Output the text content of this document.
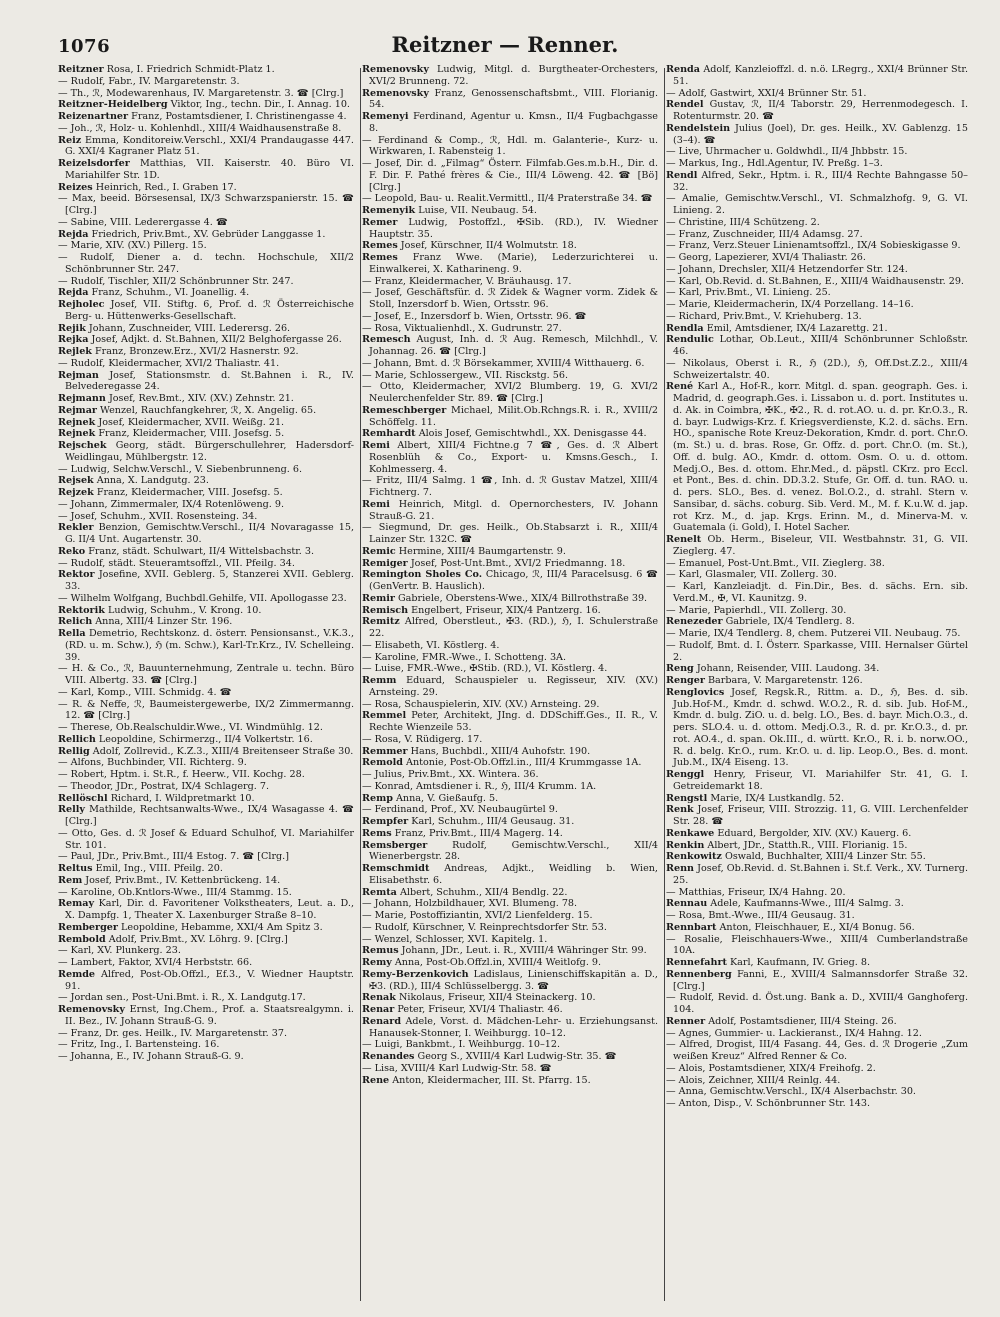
1076	Reitzner — Renner.

Reitzner Rosa, I. Friedrich Schmidt-Platz 1.

— Rudolf, Fabr., IV. Margaretenstr. 3.

— Th., ℛ, Modewarenhaus, IV. Margaretenstr. 3. ☎ [Clrg.]

Reitzner-Heidelberg Viktor, Ing., techn. Dir., I. Annag. 10.

Reizenartner Franz, Postamtsdiener, I. Christinengasse 4.

— Joh., ℛ, Holz- u. Kohlenhdl., XIII/4 Waidhausenstraße 8.

Reiz Emma, Konditoreiw.Verschl., XXI/4 Prandaugasse 447. G. XXI/4 Kagraner Platz 51.

Reizelsdorfer Matthias, VII. Kaiserstr. 40. Büro VI. Mariahilfer Str. 1D.

Reizes Heinrich, Red., I. Graben 17.

— Max, beeid. Börsesensal, IX/3 Schwarzspanierstr. 15. ☎ [Clrg.]

— Sabine, VIII. Lederergasse 4. ☎

Rejda Friedrich, Priv.Bmt., XV. Gebrüder Langgasse 1.

— Marie, XIV. (XV.) Pillerg. 15.

— Rudolf, Diener a. d. techn. Hochschule, XII/2 Schönbrunner Str. 247.

— Rudolf, Tischler, XII/2 Schönbrunner Str. 247.

Rejda Franz, Schuhm., VI. Joanellig. 4.

Rejholec Josef, VII. Stiftg. 6, Prof. d. ℛ Österreichische Berg- u. Hüttenwerks-Gesellschaft.

Rejik Johann, Zuschneider, VIII. Lederersg. 26.

Rejka Josef, Adjkt. d. St.Bahnen, XII/2 Belghofergasse 26.

Rejlek Franz, Bronzew.Erz., XVI/2 Hasnerstr. 92.

— Rudolf, Kleidermacher, XVI/2 Thaliastr. 41.

Rejman Josef, Stationsmstr. d. St.Bahnen i. R., IV. Belvederegasse 24.

Rejmann Josef, Rev.Bmt., XIV. (XV.) Zehnstr. 21.

Rejmar Wenzel, Rauchfangkehrer, ℛ, X. Angelig. 65.

Rejnek Josef, Kleidermacher, XVII. Weißg. 21.

Rejnek Franz, Kleidermacher, VIII. Josefsg. 5.

Rejschek Georg, städt. Bürgerschullehrer, Hadersdorf-Weidlingau, Mühlbergstr. 12.

— Ludwig, Selchw.Verschl., V. Siebenbrunneng. 6.

Rejsek Anna, X. Landgutg. 23.

Rejzek Franz, Kleidermacher, VIII. Josefsg. 5.

— Johann, Zimmermaler, IX/4 Rotenlöweng. 9.

— Josef, Schuhm., XVII. Rosensteing. 34.

Rekler Benzion, Gemischtw.Verschl., II/4 Novaragasse 15, G. II/4 Unt. Augartenstr. 30.

Reko Franz, städt. Schulwart, II/4 Wittelsbachstr. 3.

— Rudolf, städt. Steueramtsoffzl., VII. Pfeilg. 34.

Rektor Josefine, XVII. Geblerg. 5, Stanzerei XVII. Geblerg. 33.

— Wilhelm Wolfgang, Buchbdl.Gehilfe, VII. Apollogasse 23.

Rektorik Ludwig, Schuhm., V. Krong. 10.

Relich Anna, XIII/4 Linzer Str. 196.

Rella Demetrio, Rechtskonz. d. österr. Pensionsanst., V.K.3., (RD. u. m. Schw.), ℌ (m. Schw.), Karl-Tr.Krz., IV. Schelleing. 39.

— H. & Co., ℛ, Bauunternehmung, Zentrale u. techn. Büro VIII. Albertg. 33. ☎ [Clrg.]

— Karl, Komp., VIII. Schmidg. 4. ☎

— R. & Neffe, ℛ, Baumeistergewerbe, IX/2 Zimmermanng. 12. ☎ [Clrg.]

— Therese, Ob.Realschuldir.Wwe., VI. Windmühlg. 12.

Rellich Leopoldine, Schirmerzg., II/4 Volkertstr. 16.

Rellig Adolf, Zollrevid., K.Z.3., XIII/4 Breitenseer Straße 30.

— Alfons, Buchbinder, VII. Richterg. 9.

— Robert, Hptm. i. St.R., f. Heerw., VII. Kochg. 28.

— Theodor, JDr., Postrat, IX/4 Schlagerg. 7.

Rellöschl Richard, I. Wildpretmarkt 10.

Relly Mathilde, Rechtsanwalts-Wwe., IX/4 Wasagasse 4. ☎ [Clrg.]

— Otto, Ges. d. ℛ Josef & Eduard Schulhof, VI. Mariahilfer Str. 101.

— Paul, JDr., Priv.Bmt., III/4 Estog. 7. ☎ [Clrg.]

Reltus Emil, Ing., VIII. Pfeilg. 20.

Rem Josef, Priv.Bmt., IV. Kettenbrückeng. 14.

— Karoline, Ob.Kntlors-Wwe., III/4 Stammg. 15.

Remay Karl, Dir. d. Favoritener Volkstheaters, Leut. a. D., X. Dampfg. 1, Theater X. Laxenburger Straße 8–10.

Remberger Leopoldine, Hebamme, XXI/4 Am Spitz 3.

Rembold Adolf, Priv.Bmt., XV. Löhrg. 9. [Clrg.]

— Karl, XV. Plunkerg. 23.

— Lambert, Faktor, XVI/4 Herbststr. 66.

Remde Alfred, Post-Ob.Offzl., Ef.3., V. Wiedner Hauptstr. 91.

— Jordan sen., Post-Uni.Bmt. i. R., X. Landgutg.17.

Remenovsky Ernst, Ing.Chem., Prof. a. Staatsrealgymn. i. II. Bez., IV. Johann Strauß-G. 9.

— Franz, Dr. ges. Heilk., IV. Margaretenstr. 37.

— Fritz, Ing., I. Bartensteing. 16.

— Johanna, E., IV. Johann Strauß-G. 9.

Remenovsky Ludwig, Mitgl. d. Burgtheater-Orchesters, XVI/2 Brunneng. 72.

Remenovsky Franz, Genossenschaftsbmt., VIII. Florianig. 54.

Remenyi Ferdinand, Agentur u. Kmsn., II/4 Fugbachgasse 8.

— Ferdinand & Comp., ℛ, Hdl. m. Galanterie-, Kurz- u. Wirkwaren, I. Rabensteig 1.

— Josef, Dir. d. „Filmag“ Österr. Filmfab.Ges.m.b.H., Dir. d. F. Dir. F. Pathé frères & Cie., III/4 Löweng. 42. ☎ [Bö] [Clrg.]

— Leopold, Bau- u. Realit.Vermittl., II/4 Praterstraße 34. ☎

Remenyik Luise, VII. Neubaug. 54.

Remer Ludwig, Postoffzl., ✠Sib. (RD.), IV. Wiedner Hauptstr. 35.

Remes Josef, Kürschner, II/4 Wolmutstr. 18.

Remes Franz Wwe. (Marie), Lederzurichterei u. Einwalkerei, X. Katharineng. 9.

— Franz, Kleidermacher, V. Bräuhausg. 17.

— Josef, Geschäftsfür. d. ℛ Zidek & Wagner vorm. Zidek & Stoll, Inzersdorf b. Wien, Ortsstr. 96.

— Josef, E., Inzersdorf b. Wien, Ortsstr. 96. ☎

— Rosa, Viktualienhdl., X. Gudrunstr. 27.

Remesch August, Inh. d. ℛ Aug. Remesch, Milchhdl., V. Johannag. 26. ☎ [Clrg.]

— Johann, Bmt. d. ℛ Börsekammer, XVIII/4 Witthauerg. 6.

— Marie, Schlossergew., VII. Risckstg. 56.

— Otto, Kleidermacher, XVI/2 Blumberg. 19, G. XVI/2 Neulerchenfelder Str. 89. ☎ [Clrg.]

Remeschberger Michael, Milit.Ob.Rchngs.R. i. R., XVIII/2 Schöffelg. 11.

Remhardt Alois Josef, Gemischtwhdl., XX. Denisgasse 44.

Remi Albert, XIII/4 Fichtne.g 7 ☎, Ges. d. ℛ Albert Rosenblüh & Co., Export- u. Kmsns.Gesch., I. Kohlmesserg. 4.

— Fritz, III/4 Salmg. 1 ☎, Inh. d. ℛ Gustav Matzel, XIII/4 Fichtnerg. 7.

Remi Heinrich, Mitgl. d. Opernorchesters, IV. Johann Strauß-G. 21.

— Siegmund, Dr. ges. Heilk., Ob.Stabsarzt i. R., XIII/4 Lainzer Str. 132C. ☎

Remic Hermine, XIII/4 Baumgartenstr. 9.

Remiger Josef, Post-Unt.Bmt., XVI/2 Friedmanng. 18.

Remington Sholes Co. Chicago, ℛ, III/4 Paracelsusg. 6 ☎ (GenVertr. B. Hauslich).

Remir Gabriele, Oberstens-Wwe., XIX/4 Billrothstraße 39.

Remisch Engelbert, Friseur, XIX/4 Pantzerg. 16.

Remitz Alfred, Oberstleut., ✠3. (RD.), ℌ, I. Schulerstraße 22.

— Elisabeth, VI. Köstlerg. 4.

— Karoline, FMR.-Wwe., I. Schotteng. 3A.

— Luise, FMR.-Wwe., ✠Stib. (RD.), VI. Köstlerg. 4.

Remm Eduard, Schauspieler u. Regisseur, XIV. (XV.) Arnsteing. 29.

— Rosa, Schauspielerin, XIV. (XV.) Arnsteing. 29.

Remmel Peter, Architekt, JIng. d. DDSchiff.Ges., II. R., V. Rechte Wienzeile 53.

— Rosa, V. Rüdigerg. 17.

Remmer Hans, Buchbdl., XIII/4 Auhofstr. 190.

Remold Antonie, Post-Ob.Offzl.in., III/4 Krummgasse 1A.

— Julius, Priv.Bmt., XX. Wintera. 36.

— Konrad, Amtsdiener i. R., ℌ, III/4 Krumm. 1A.

Remp Anna, V. Gießaufg. 5.

— Ferdinand, Prof., XV. Neubaugürtel 9.

Rempfer Karl, Schuhm., III/4 Geusaug. 31.

Rems Franz, Priv.Bmt., III/4 Magerg. 14.

Remsberger	Rudolf, Gemischtw.Verschl., XII/4 Wienerbergstr. 28.

Remschmidt Andreas, Adjkt., Weidling b. Wien, Elisabethstr. 6.

Remta Albert, Schuhm., XII/4 Bendlg. 22.

— Johann, Holzbildhauer, XVI. Blumeng. 78.

— Marie, Postoffiziantin, XVI/2 Lienfelderg. 15.

— Rudolf, Kürschner, V. Reinprechtsdorfer Str. 53.

— Wenzel, Schlosser, XVI. Kapitelg. 1.

Remus Johann, JDr., Leut. i. R., XVIII/4 Währinger Str. 99.

Remy Anna, Post-Ob.Offzl.in, XVIII/4 Weitlofg. 9.

Remy-Berzenkovich Ladislaus, Linienschiffskapitän a. D., ✠3. (RD.), III/4 Schlüsselbergg. 3. ☎

Renak Nikolaus, Friseur, XII/4 Steinackerg. 10.

Renar Peter, Friseur, XVI/4 Thaliastr. 46.

Renard Adele, Vorst. d. Mädchen-Lehr- u. Erziehungsanst. Hanausek-Stonner, I. Weihburgg. 10–12.

— Luigi, Bankbmt., I. Weihburgg. 10–12.

Renandes Georg S., XVIII/4 Karl Ludwig-Str. 35. ☎

— Lisa, XVIII/4 Karl Ludwig-Str. 58. ☎

Rene Anton, Kleidermacher, III. St. Pfarrg. 15.

Renda Adolf, Kanzleioffzl. d. n.ö. LRegrg., XXI/4 Brünner Str. 51.

— Adolf, Gastwirt, XXI/4 Brünner Str. 51.

Rendel Gustav, ℛ, II/4 Taborstr. 29, Herrenmodegesch. I. Rotenturmstr. 20. ☎

Rendelstein Julius (Joel), Dr. ges. Heilk., XV. Gablenzg. 15 (3–4). ☎

— Live, Uhrmacher u. Goldwhdl., II/4 Jhbbstr. 15.

— Markus, Ing., Hdl.Agentur, IV. Preßg. 1–3.

Rendl Alfred, Sekr., Hptm. i. R., III/4 Rechte Bahngasse 50–32.

— Amalie, Gemischtw.Verschl., VI. Schmalzhofg. 9, G. VI. Linieng. 2.

— Christine, III/4 Schützeng. 2.

— Franz, Zuschneider, III/4 Adamsg. 27.

— Franz, Verz.Steuer Linienamtsoffzl., IX/4 Sobieskigasse 9.

— Georg, Lapezierer, XVI/4 Thaliastr. 26.

— Johann, Drechsler, XII/4 Hetzendorfer Str. 124.

— Karl, Ob.Revid. d. St.Bahnen, E., XIII/4 Waidhausenstr. 29.

— Karl, Priv.Bmt., VI. Linieng. 25.

— Marie, Kleidermacherin, IX/4 Porzellang. 14–16.

— Richard, Priv.Bmt., V. Kriehuberg. 13.

Rendla Emil, Amtsdiener, IX/4 Lazarettg. 21.

Rendulic Lothar, Ob.Leut., XIII/4 Schönbrunner Schloßstr. 46.

— Nikolaus, Oberst i. R., ℌ (2D.), ℌ, Off.Dst.Z.2., XIII/4 Schweizertalstr. 40.

René Karl A., Hof-R., korr. Mitgl. d. span. geograph. Ges. i. Madrid, d. geograph.Ges. i. Lissabon u. d. port. Institutes u. d. Ak. in Coimbra, ✠K., ✠2., R. d. rot.AO. u. d. pr. Kr.O.3., R. d. bayr. Ludwigs-Krz. f. Kriegsverdienste, K.2. d. sächs. Ern. HO., spanische Rote Kreuz-Dekoration, Kmdr. d. port. Chr.O. (m. St.) u. d. bras. Rose, Gr. Offz. d. port. Chr.O. (m. St.), Off. d. bulg. AO., Kmdr. d. ottom. Osm. O. u. d. ottom. Medj.O., Bes. d. ottom. Ehr.Med., d. päpstl. CKrz. pro Eccl. et Pont., Bes. d. chin. DD.3.2. Stufe, Gr. Off. d. tun. RAO. u. d. pers. SLO., Bes. d. venez. Bol.O.2., d. strahl. Stern v. Sansibar, d. sächs. coburg. Sib. Verd. M., M. f. K.u.W. d. jap. rot Krz. M., d. jap. Krgs. Erinn. M., d. Minerva-M. v. Guatemala (i. Gold), I. Hotel Sacher.

Renelt Ob. Herm., Biseleur, VII. Westbahnstr. 31, G. VII. Zieglerg. 47.

— Emanuel, Post-Unt.Bmt., VII. Zieglerg. 38.

— Karl, Glasmaler, VII. Zollerg. 30.

— Karl, Kanzleiadjt. d. Fin.Dir., Bes. d. sächs. Ern. sib. Verd.M., ✠, VI. Kaunitzg. 9.

— Marie, Papierhdl., VII. Zollerg. 30.

Renezeder Gabriele, IX/4 Tendlerg. 8.

— Marie, IX/4 Tendlerg. 8, chem. Putzerei VII. Neubaug. 75.

— Rudolf, Bmt. d. I. Österr. Sparkasse, VIII. Hernalser Gürtel 2.

Reng Johann, Reisender, VIII. Laudong. 34.

Renger Barbara, V. Margaretenstr. 126.

Renglovics Josef, Regsk.R., Rittm. a. D., ℌ, Bes. d. sib. Jub.Hof-M., Kmdr. d. schwd. W.O.2., R. d. sib. Jub. Hof-M., Kmdr. d. bulg. ZiO. u. d. belg. LO., Bes. d. bayr. Mich.O.3., d. pers. SLO.4. u. d. ottom. Medj.O.3., R. d. pr. Kr.O.3., d. pr. rot. AO.4., d. span. Ok.III., d. württ. Kr.O., R. i. b. norw.OO., R. d. belg. Kr.O., rum. Kr.O. u. d. lip. Leop.O., Bes. d. mont. Jub.M., IX/4 Eiseng. 13.

Renggl Henry, Friseur, VI. Mariahilfer Str. 41, G. I. Getreidemarkt 18.

Rengstl Marie, IX/4 Lustkandlg. 52.

Renk Josef, Friseur, VIII. Strozzig. 11, G. VIII. Lerchenfelder Str. 28. ☎

Renkawe Eduard, Bergolder, XIV. (XV.) Kauerg. 6.

Renkin Albert, JDr., Statth.R., VIII. Florianig. 15.

Renkowitz Oswald, Buchhalter, XIII/4 Linzer Str. 55.

Renn Josef, Ob.Revid. d. St.Bahnen i. St.f. Verk., XV. Turnerg. 25.

— Matthias, Friseur, IX/4 Hahng. 20.

Rennau Adele, Kaufmanns-Wwe., III/4 Salmg. 3.

— Rosa, Bmt.-Wwe., III/4 Geusaug. 31.

Rennbart Anton, Fleischhauer, E., XI/4 Bonug. 56.

— Rosalie, Fleischhauers-Wwe., XIII/4 Cumberlandstraße 10A.

Rennefahrt Karl, Kaufmann, IV. Grieg. 8.

Rennenberg Fanni, E., XVIII/4 Salmannsdorfer Straße 32. [Clrg.]

— Rudolf, Revid. d. Öst.ung. Bank a. D., XVIII/4 Ganghoferg. 104.

Renner Adolf, Postamtsdiener, III/4 Steing. 26.

— Agnes, Gummier- u. Lackieranst., IX/4 Hahng. 12.

— Alfred, Drogist, III/4 Fasang. 44, Ges. d. ℛ Drogerie „Zum weißen Kreuz“ Alfred Renner & Co.

— Alois, Postamtsdiener, XIX/4 Freihofg. 2.

— Alois, Zeichner, XIII/4 Reinlg. 44.

— Anna, Gemischtw.Verschl., IX/4 Alserbachstr. 30.

— Anton, Disp., V. Schönbrunner Str. 143.
